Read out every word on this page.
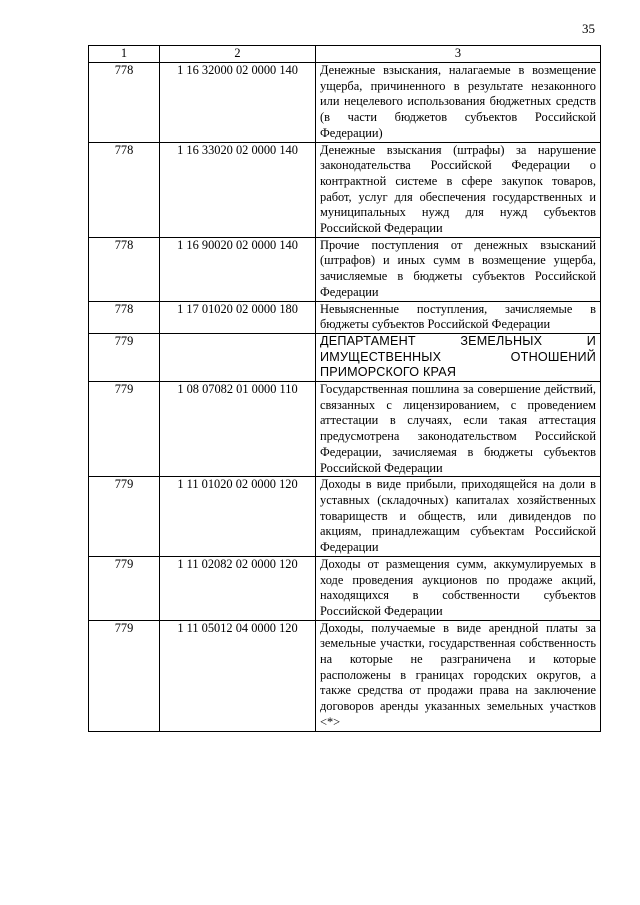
35
1	2	3
778	1 16 32000 02 0000 140	Денежные взыскания, налагаемые в возмещение ущерба, причиненного в результате незаконного или нецелевого использования бюджетных средств (в части бюджетов субъектов Российской Федерации)
778	1 16 33020 02 0000 140	Денежные взыскания (штрафы) за нарушение законодательства Российской Федерации о контрактной системе в сфере закупок товаров, работ, услуг для обеспечения государственных и муниципальных нужд для нужд субъектов Российской Федерации
778	1 16 90020 02 0000 140	Прочие поступления от денежных взысканий (штрафов) и иных сумм в возмещение ущерба, зачисляемые в бюджеты субъектов Российской Федерации
778	1 17 01020 02 0000 180	Невыясненные поступления, зачисляемые в бюджеты субъектов Российской Федерации
779		ДЕПАРТАМЕНТ ЗЕМЕЛЬНЫХ И ИМУЩЕСТВЕННЫХ ОТНОШЕНИЙ ПРИМОРСКОГО КРАЯ
779	1 08 07082 01 0000 110	Государственная пошлина за совершение действий, связанных с лицензированием, с проведением аттестации в случаях, если такая аттестация предусмотрена законодательством Российской Федерации, зачисляемая в бюджеты субъектов Российской Федерации
779	1 11 01020 02 0000 120	Доходы в виде прибыли, приходящейся на доли в уставных (складочных) капиталах хозяйственных товариществ и обществ, или дивидендов по акциям, принадлежащим субъектам Российской Федерации
779	1 11 02082 02 0000 120	Доходы от размещения сумм, аккумулируемых в ходе проведения аукционов по продаже акций, находящихся в собственности субъектов Российской Федерации
779	1 11 05012 04 0000 120	Доходы, получаемые в виде арендной платы за земельные участки, государственная собственность на которые не разграничена и которые расположены в границах городских округов, а также средства от продажи права на заключение договоров аренды указанных земельных участков <*>
